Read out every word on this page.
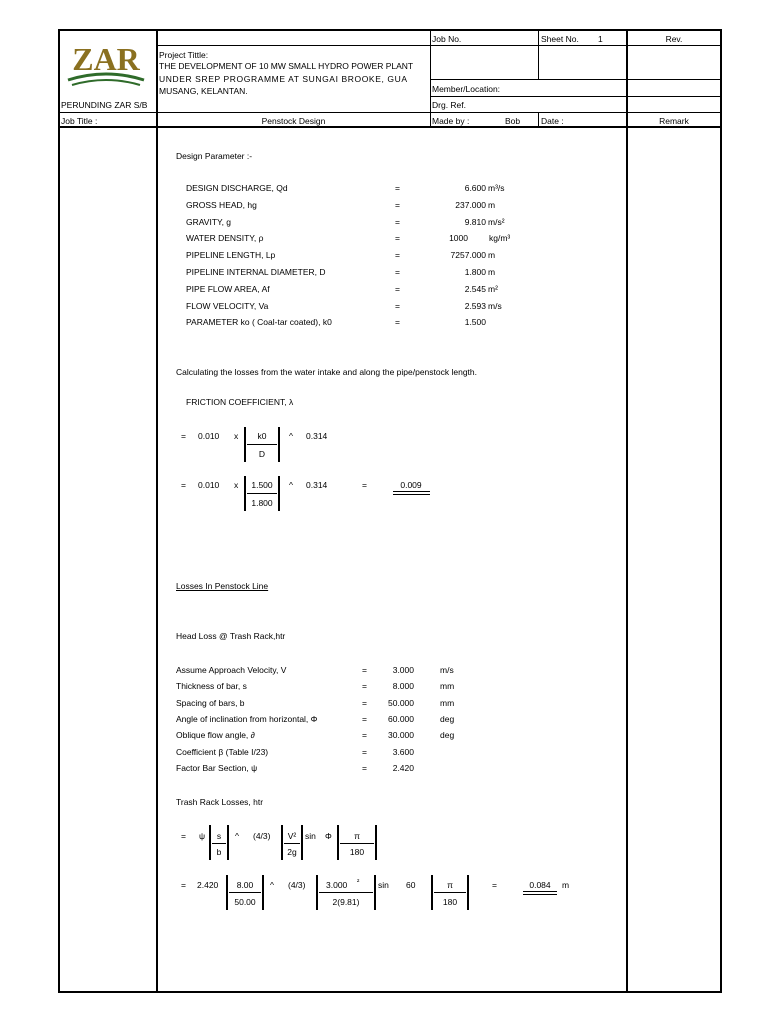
ZAR
PERUNDING ZAR S/B
Job Title :
Project Tittle:
THE DEVELOPMENT OF 10 MW SMALL HYDRO POWER PLANT
UNDER SREP PROGRAMME AT SUNGAI BROOKE, GUA
MUSANG, KELANTAN.
Penstock Design
Job No.	Sheet No. 1	Rev.
Member/Location:
Drg. Ref.
Made by :	Bob Date :	Remark
Design Parameter :-
DESIGN DISCHARGE, Qd	=	6.600 m³/s
GROSS HEAD, hg	=	237.000 m
GRAVITY, g	=	9.810 m/s²
WATER DENSITY, ρ	=	1000 kg/m³
PIPELINE LENGTH, Lp	=	7257.000 m
PIPELINE INTERNAL DIAMETER, D	=	1.800 m
PIPE FLOW AREA, Af	=	2.545 m²
FLOW VELOCITY, Va	=	2.593 m/s
PARAMETER ko ( Coal-tar coated), k0	=	1.500
Calculating the losses from the water intake and along the pipe/penstock length.
FRICTION COEFFICIENT, λ
= 0.010 x	k0
D
^ 0.314
= 0.010 x	1.500
1.800
^ 0.314	=	0.009
Losses In Penstock Line
Head Loss @ Trash Rack,htr
Assume Approach Velocity, V	=	3.000	m/s
Thickness of bar, s	=	8.000	mm
Spacing of bars, b	=	50.000	mm
Angle of inclination from horizontal, Φ	=	60.000	deg
Oblique flow angle, ∂	=	30.000	deg
Coefficient β (Table I/23)	=	3.600
Factor Bar Section, ψ	=	2.420
Trash Rack Losses, htr
= ψ	s
b
^ (4/3)	V²
2g
sin Φ	π
180
= 2.420	8.00
50.00
^ (4/3) 3.000 ²
2(9.81)
sin 60	π
180
=	0.084	m
